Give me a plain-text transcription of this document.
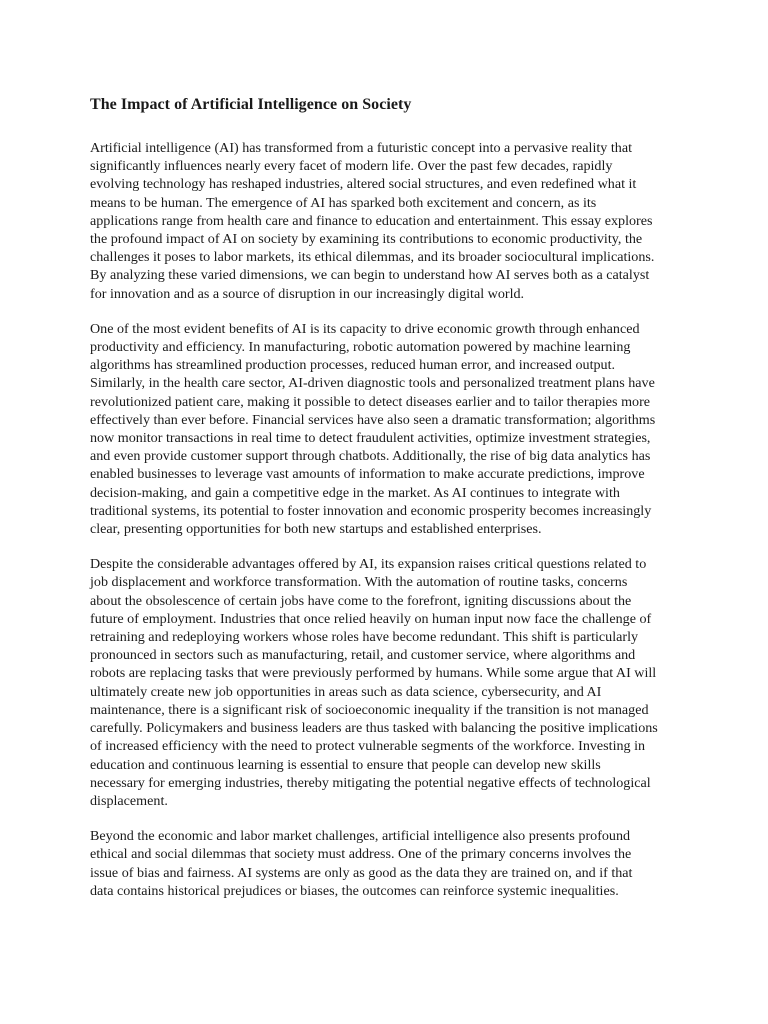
The Impact of Artificial Intelligence on Society

Artificial intelligence (AI) has transformed from a futuristic concept into a pervasive reality that significantly influences nearly every facet of modern life. Over the past few decades, rapidly evolving technology has reshaped industries, altered social structures, and even redefined what it means to be human. The emergence of AI has sparked both excitement and concern, as its applications range from health care and finance to education and entertainment. This essay explores the profound impact of AI on society by examining its contributions to economic productivity, the challenges it poses to labor markets, its ethical dilemmas, and its broader sociocultural implications. By analyzing these varied dimensions, we can begin to understand how AI serves both as a catalyst for innovation and as a source of disruption in our increasingly digital world.

One of the most evident benefits of AI is its capacity to drive economic growth through enhanced productivity and efficiency. In manufacturing, robotic automation powered by machine learning algorithms has streamlined production processes, reduced human error, and increased output. Similarly, in the health care sector, AI-driven diagnostic tools and personalized treatment plans have revolutionized patient care, making it possible to detect diseases earlier and to tailor therapies more effectively than ever before. Financial services have also seen a dramatic transformation; algorithms now monitor transactions in real time to detect fraudulent activities, optimize investment strategies, and even provide customer support through chatbots. Additionally, the rise of big data analytics has enabled businesses to leverage vast amounts of information to make accurate predictions, improve decision-making, and gain a competitive edge in the market. As AI continues to integrate with traditional systems, its potential to foster innovation and economic prosperity becomes increasingly clear, presenting opportunities for both new startups and established enterprises.

Despite the considerable advantages offered by AI, its expansion raises critical questions related to job displacement and workforce transformation. With the automation of routine tasks, concerns about the obsolescence of certain jobs have come to the forefront, igniting discussions about the future of employment. Industries that once relied heavily on human input now face the challenge of retraining and redeploying workers whose roles have become redundant. This shift is particularly pronounced in sectors such as manufacturing, retail, and customer service, where algorithms and robots are replacing tasks that were previously performed by humans. While some argue that AI will ultimately create new job opportunities in areas such as data science, cybersecurity, and AI maintenance, there is a significant risk of socioeconomic inequality if the transition is not managed carefully. Policymakers and business leaders are thus tasked with balancing the positive implications of increased efficiency with the need to protect vulnerable segments of the workforce. Investing in education and continuous learning is essential to ensure that people can develop new skills necessary for emerging industries, thereby mitigating the potential negative effects of technological displacement.

Beyond the economic and labor market challenges, artificial intelligence also presents profound ethical and social dilemmas that society must address. One of the primary concerns involves the issue of bias and fairness. AI systems are only as good as the data they are trained on, and if that data contains historical prejudices or biases, the outcomes can reinforce systemic inequalities.
